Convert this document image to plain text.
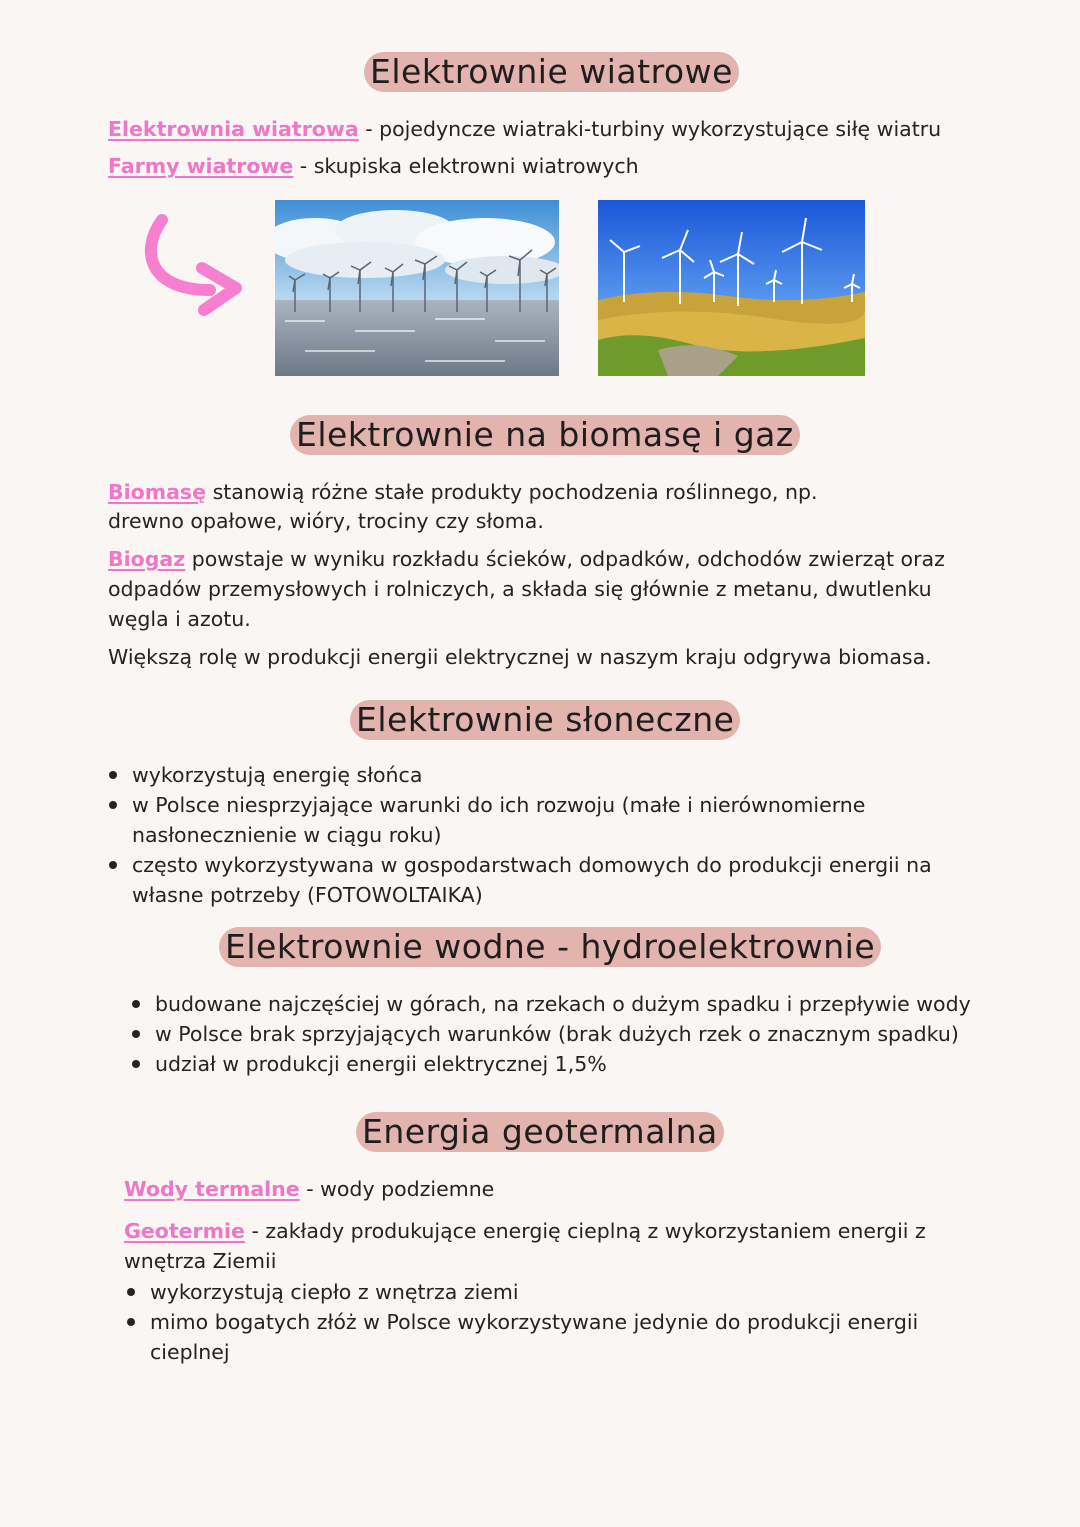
Elektrownie wiatrowe
Elektrownia wiatrowa - pojedyncze wiatraki-turbiny wykorzystujące siłę wiatru
Farmy wiatrowe - skupiska elektrowni wiatrowych
Elektrownie na biomasę i gaz
Biomasę stanowią różne stałe produkty pochodzenia roślinnego, np.
drewno opałowe, wióry, trociny czy słoma.
Biogaz powstaje w wyniku rozkładu ścieków, odpadków, odchodów zwierząt oraz
odpadów przemysłowych i rolniczych, a składa się głównie z metanu, dwutlenku
węgla i azotu.
Większą rolę w produkcji energii elektrycznej w naszym kraju odgrywa biomasa.
Elektrownie słoneczne
wykorzystują energię słońca
w Polsce niesprzyjające warunki do ich rozwoju (małe i nierównomierne
nasłonecznienie w ciągu roku)
często wykorzystywana w gospodarstwach domowych do produkcji energii na
własne potrzeby (FOTOWOLTAIKA)
Elektrownie wodne - hydroelektrownie
budowane najczęściej w górach, na rzekach o dużym spadku i przepływie wody
w Polsce brak sprzyjających warunków (brak dużych rzek o znacznym spadku)
udział w produkcji energii elektrycznej 1,5%
Energia geotermalna
Wody termalne - wody podziemne
Geotermie - zakłady produkujące energię cieplną z wykorzystaniem energii z
wnętrza Ziemii
wykorzystują ciepło z wnętrza ziemi
mimo bogatych złóż w Polsce wykorzystywane jedynie do produkcji energii
cieplnej
